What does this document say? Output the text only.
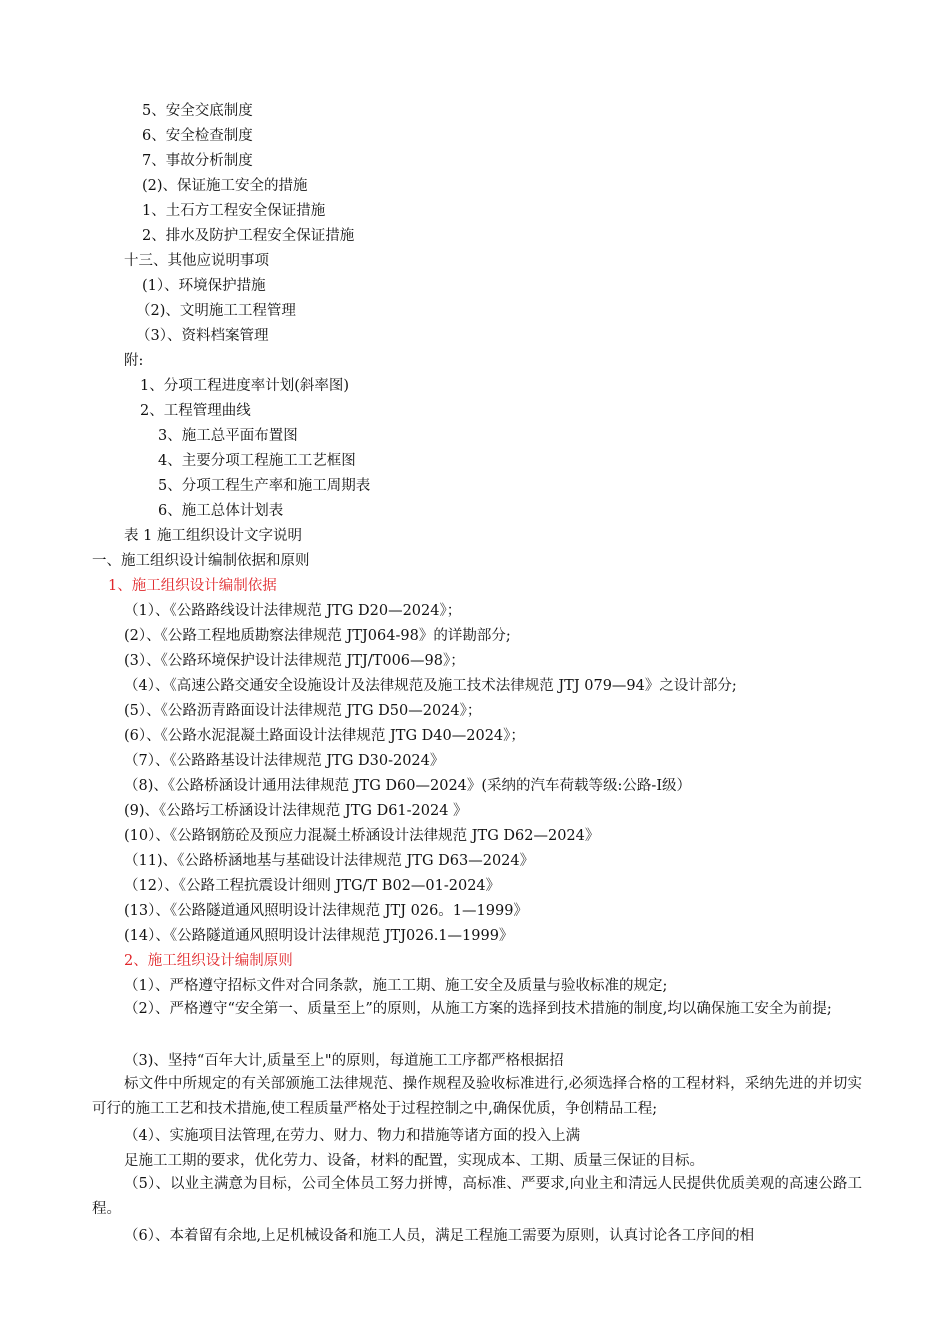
5、安全交底制度
6、安全检查制度
7、事故分析制度
(2)、保证施工安全的措施
1、土石方工程安全保证措施
2、排水及防护工程安全保证措施
十三、其他应说明事项
(1）、环境保护措施
（2)、文明施工工程管理
（3）、资料档案管理
附:
1、分项工程进度率计划(斜率图)
2、工程管理曲线
3、施工总平面布置图
4、主要分项工程施工工艺框图
5、分项工程生产率和施工周期表
6、施工总体计划表
表 1 施工组织设计文字说明
一、施工组织设计编制依据和原则
1、施工组织设计编制依据
（1）、《公路路线设计法律规范 JTG D20—2024》；
(2）、《公路工程地质勘察法律规范 JTJ064-98》的详勘部分;
(3）、《公路环境保护设计法律规范 JTJ/T006—98》；
（4）、《高速公路交通安全设施设计及法律规范及施工技术法律规范 JTJ 079—94》之设计部分;
(5）、《公路沥青路面设计法律规范 JTG D50—2024》；
(6）、《公路水泥混凝土路面设计法律规范 JTG D40—2024》；
（7）、《公路路基设计法律规范 JTG D30-2024》
（8)、《公路桥涵设计通用法律规范 JTG D60—2024》(采纳的汽车荷载等级:公路-I级）
(9)、《公路圬工桥涵设计法律规范 JTG D61-2024 》
(10）、《公路钢筋砼及预应力混凝土桥涵设计法律规范 JTG D62—2024》
（11)、《公路桥涵地基与基础设计法律规范 JTG D63—2024》
（12）、《公路工程抗震设计细则 JTG/T B02—01-2024》
(13）、《公路隧道通风照明设计法律规范 JTJ 026。1—1999》
(14）、《公路隧道通风照明设计法律规范 JTJ026.1—1999》
2、施工组织设计编制原则
（1）、严格遵守招标文件对合同条款，施工工期、施工安全及质量与验收标准的规定;
（2）、严格遵守“安全第一、质量至上”的原则，从施工方案的选择到技术措施的制度,均以确保施工安全为前提;
（3)、坚持“百年大计,质量至上"的原则，每道施工工序都严格根据招
标文件中所规定的有关部颁施工法律规范、操作规程及验收标准进行,必须选择合格的工程材料，采纳先进的并切实可行的施工工艺和技术措施,使工程质量严格处于过程控制之中,确保优质，争创精品工程;
（4）、实施项目法管理,在劳力、财力、物力和措施等诸方面的投入上满
足施工工期的要求，优化劳力、设备，材料的配置，实现成本、工期、质量三保证的目标。
（5）、以业主满意为目标，公司全体员工努力拼博，高标准、严要求,向业主和清远人民提供优质美观的高速公路工程。
（6）、本着留有余地,上足机械设备和施工人员，满足工程施工需要为原则，认真讨论各工序间的相
